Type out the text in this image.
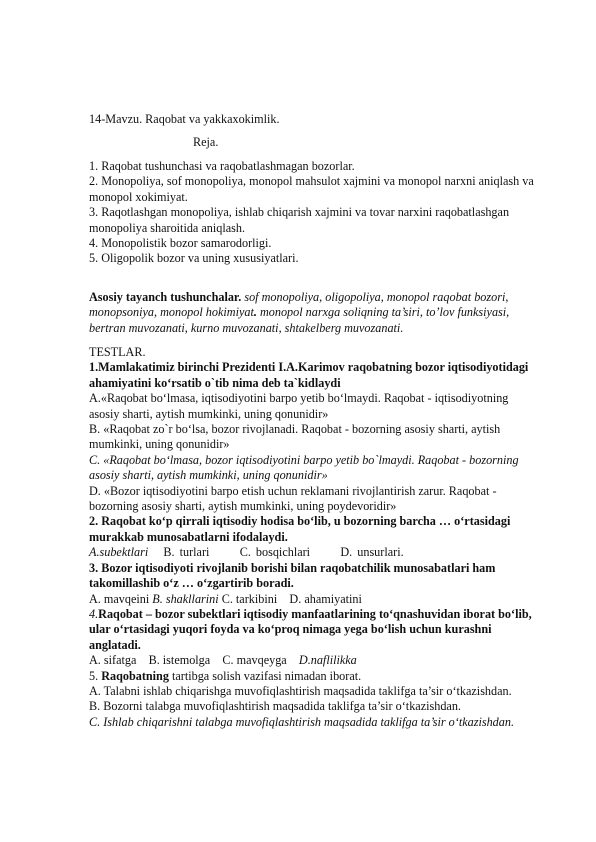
14-Mavzu. Raqobat va yakkaxokimlik.

Reja.

1. Raqobat tushunchasi va raqobatlashmagan bozorlar.

2. Monopoliya, sof monopoliya, monopol mahsulot xajmini va monopol narxni aniqlash va monopol xokimiyat.

3. Raqotlashgan monopoliya, ishlab chiqarish xajmini va tovar narxini raqobatlashgan monopoliya sharoitida aniqlash.

4. Monopolistik bozor samarodorligi.

5. Oligopolik bozor va uning xususiyatlari.

Asosiy tayanch tushunchalar. sof monopoliya, oligopoliya, monopol raqobat bozori, monopsoniya, monopol hokimiyat. monopol narxga soliqning ta’siri, to’lov funksiyasi, bertran muvozanati, kurno muvozanati, shtakelberg muvozanati.

TESTLAR.

1.Mamlakatimiz birinchi Prezidenti I.A.Karimov raqobatning bozor iqtisodiyotidagi ahamiyatini ko‘rsatib o`tib nima deb ta`kidlaydi

A.«Raqobat bo‘lmasa, iqtisodiyotini barpo yetib bo‘lmaydi. Raqobat - iqtisodiyotning asosiy sharti, aytish mumkinki, uning qonunidir»

B. «Raqobat zo`r bo‘lsa, bozor rivojlanadi. Raqobat - bozorning asosiy sharti, aytish mumkinki, uning qonunidir»

C. «Raqobat bo‘lmasa, bozor iqtisodiyotini barpo yetib bo`lmaydi. Raqobat - bozorning asosiy sharti, aytish mumkinki, uning qonunidir»

D. «Bozor iqtisodiyotini barpo etish uchun reklamani rivojlantirish zarur. Raqobat - bozorning asosiy sharti, aytish mumkinki, uning poydevoridir»

2. Raqobat ko‘p qirrali iqtisodiy hodisa bo‘lib, u bozorning barcha … o‘rtasidagi murakkab munosabatlarni ifodalaydi.

A.subektlari B. turlari C. bosqichlari D. unsurlari.

3. Bozor iqtisodiyoti rivojlanib borishi bilan raqobatchilik munosabatlari ham takomillashib o‘z … o‘zgartirib boradi.

A. mavqeini B. shakllarini C. tarkibini D. ahamiyatini

4.Raqobat – bozor subektlari iqtisodiy manfaatlarining to‘qnashuvidan iborat bo‘lib, ular o‘rtasidagi yuqori foyda va ko‘proq nimaga yega bo‘lish uchun kurashni anglatadi.

A. sifatga B. istemolga C. mavqeyga D.naflilikka

5. Raqobatning tartibga solish vazifasi nimadan iborat.

A. Talabni ishlab chiqarishga muvofiqlashtirish maqsadida taklifga ta’sir o‘tkazishdan.

B. Bozorni talabga muvofiqlashtirish maqsadida taklifga ta’sir o‘tkazishdan.

C. Ishlab chiqarishni talabga muvofiqlashtirish maqsadida taklifga ta’sir o‘tkazishdan.
